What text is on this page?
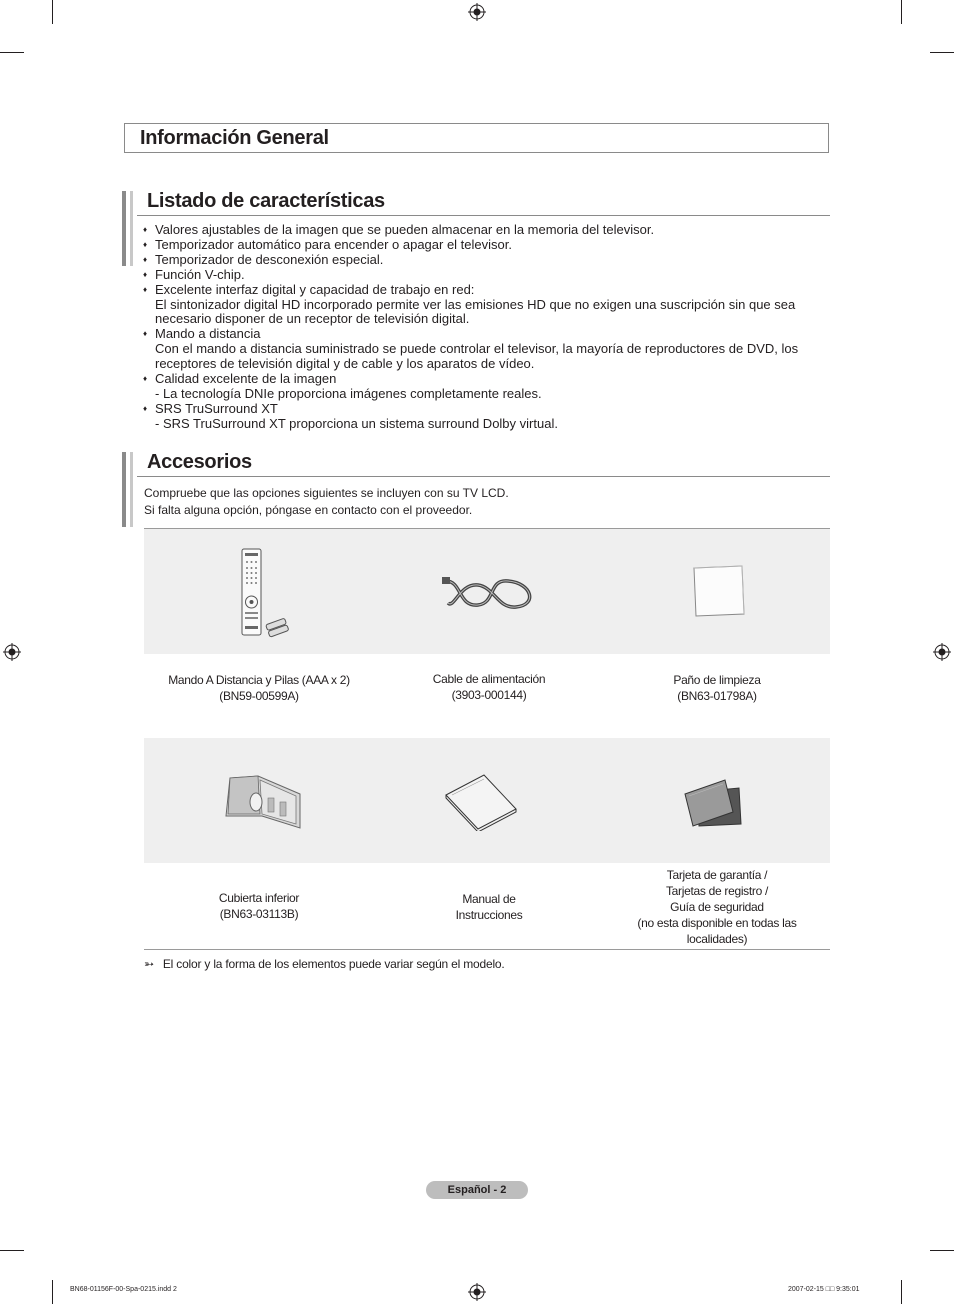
Información General
Listado de características
♦ Valores ajustables de la imagen que se pueden almacenar en la memoria del televisor.
♦ Temporizador automático para encender o apagar el televisor.
♦ Temporizador de desconexión especial.
♦ Función V-chip.
♦ Excelente interfaz digital y capacidad de trabajo en red:
El sintonizador digital HD incorporado permite ver las emisiones HD que no exigen una suscripción sin que sea necesario disponer de un receptor de televisión digital.
♦ Mando a distancia
Con el mando a distancia suministrado se puede controlar el televisor, la mayoría de reproductores de DVD, los receptores de televisión digital y de cable y los aparatos de vídeo.
♦ Calidad excelente de la imagen
- La tecnología DNIe proporciona imágenes completamente reales.
♦ SRS TruSurround XT
- SRS TruSurround XT proporciona un sistema surround Dolby virtual.
Accesorios
Compruebe que las opciones siguientes se incluyen con su TV LCD.
Si falta alguna opción, póngase en contacto con el proveedor.
Mando A Distancia y Pilas (AAA x 2)
(BN59-00599A)
Cable de alimentación
(3903-000144)
Paño de limpieza
(BN63-01798A)
Cubierta inferior
(BN63-03113B)
Manual de
Instrucciones
Tarjeta de garantía /
Tarjetas de registro /
Guía de seguridad
(no esta disponible en todas las
localidades)
➳ El color y la forma de los elementos puede variar según el modelo.
Español - 2
BN68-01156F-00-Spa-0215.indd 2	2007-02-15 □□ 9:35:01
